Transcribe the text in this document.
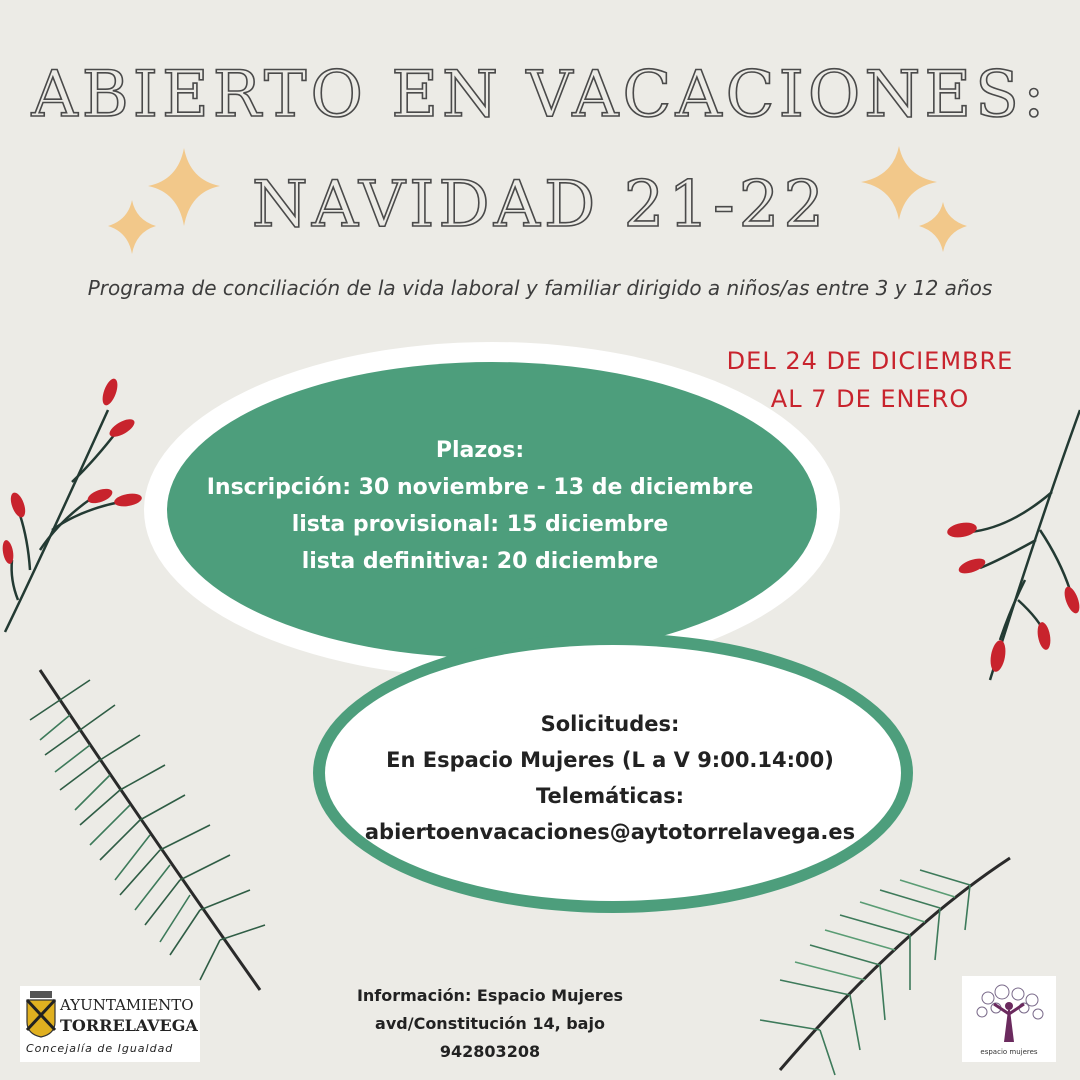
ABIERTO EN VACACIONES:
NAVIDAD 21-22
Programa de conciliación de la vida laboral y familiar dirigido a niños/as entre 3 y 12 años
DEL 24 DE DICIEMBRE
AL 7 DE ENERO
Plazos:
Inscripción: 30 noviembre - 13 de diciembre
lista provisional: 15 diciembre
lista definitiva: 20 diciembre
Solicitudes:
En Espacio Mujeres (L a V 9:00.14:00)
Telemáticas:
abiertoenvacaciones@aytotorrelavega.es
Información: Espacio Mujeres
avd/Constitución 14, bajo
942803208
AYUNTAMIENTO
TORRELAVEGA
Concejalía de Igualdad	espacio mujeres
